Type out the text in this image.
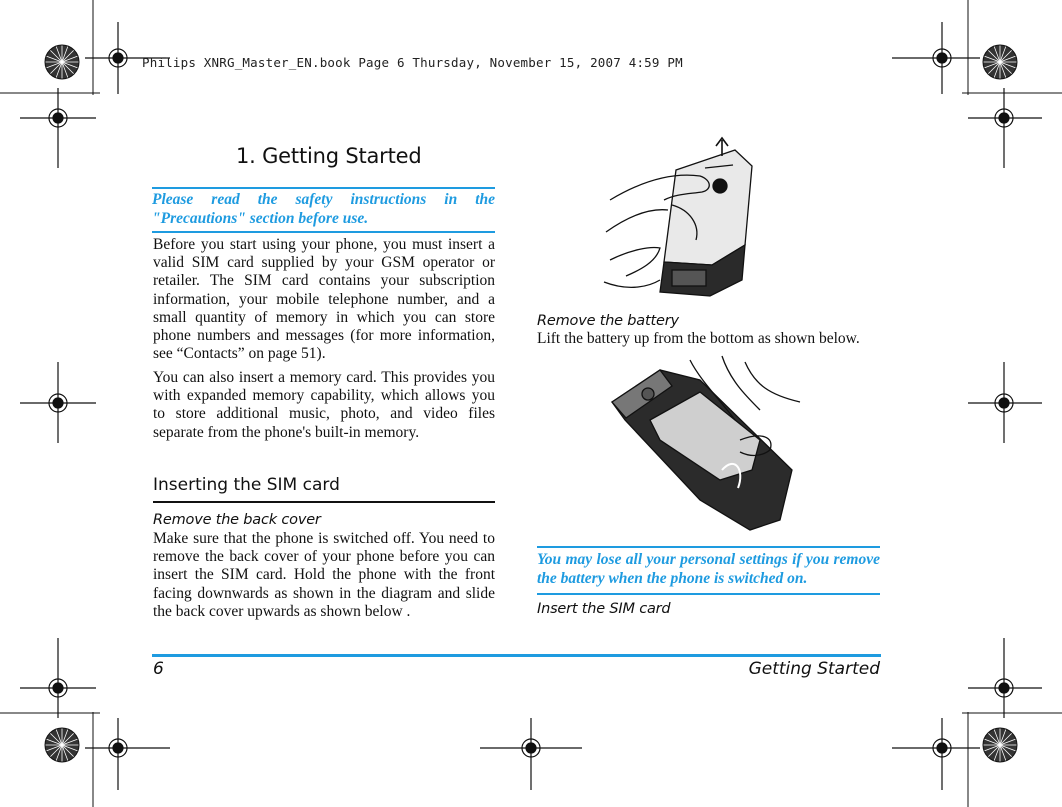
Philips XNRG_Master_EN.book Page 6 Thursday, November 15, 2007 4:59 PM
1. Getting Started
Please read the safety instructions in the "Precautions" section before use.
Before you start using your phone, you must insert a valid SIM card supplied by your GSM operator or retailer. The SIM card contains your subscription information, your mobile telephone number, and a small quantity of memory in which you can store phone numbers and messages (for more information, see “Contacts” on page 51).
You can also insert a memory card. This provides you with expanded memory capability, which allows you to store additional music, photo, and video files separate from the phone's built-in memory.
Inserting the SIM card
Remove the back cover
Make sure that the phone is switched off. You need to remove the back cover of your phone before you can insert the SIM card. Hold the phone with the front facing downwards as shown in the diagram and slide the back cover upwards as shown below .
Remove the battery
Lift the battery up from the bottom as shown below.
You may lose all your personal settings if you remove the battery when the phone is switched on.
Insert the SIM card
6	Getting Started
